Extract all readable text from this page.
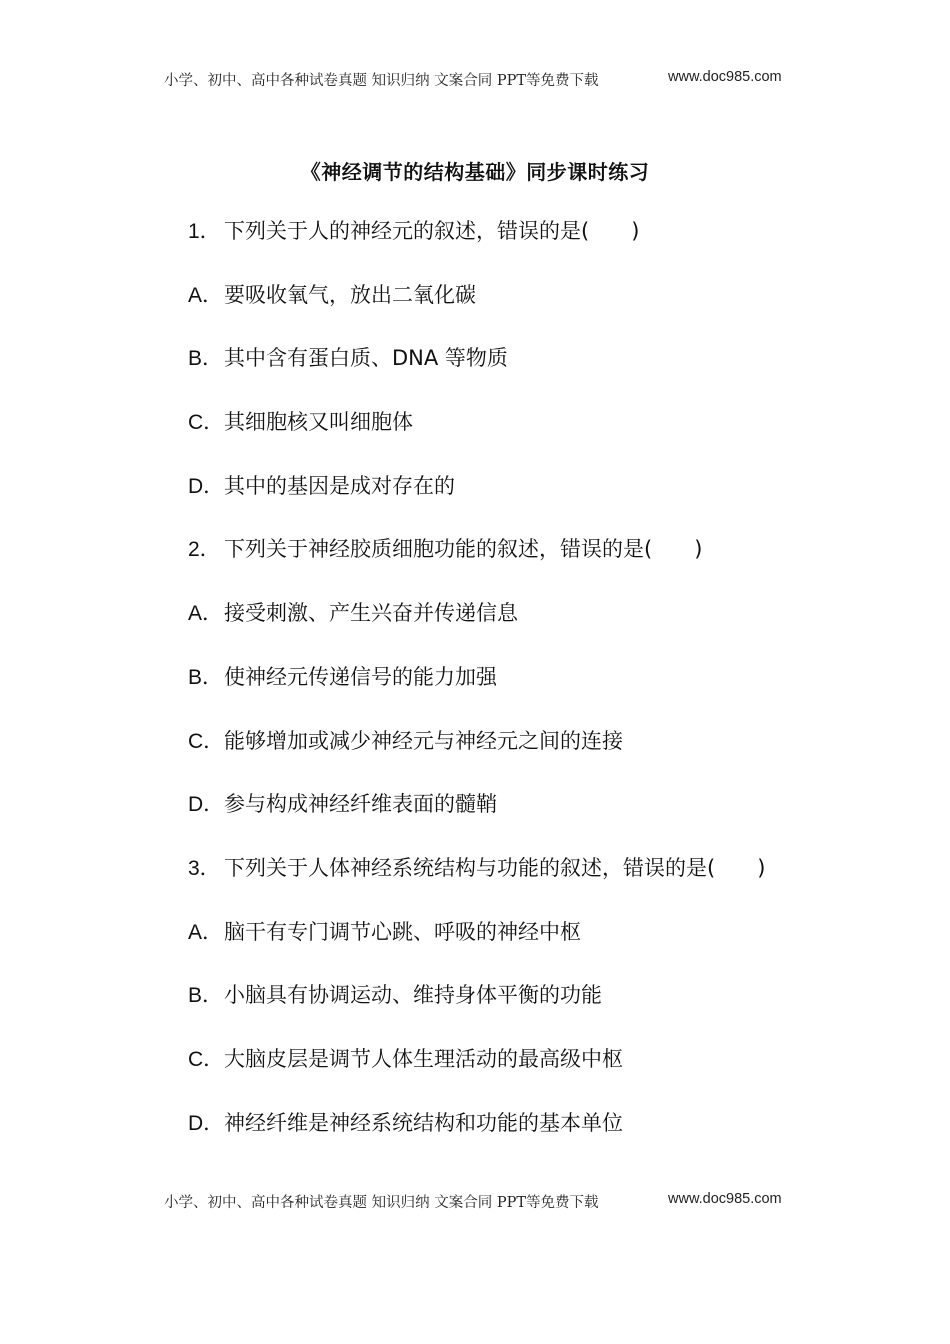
小学、初中、高中各种试卷真题 知识归纳 文案合同 PPT等免费下载	www.doc985.com
《神经调节的结构基础》同步课时练习
1． 下列关于人的神经元的叙述，错误的是(　　)
A．要吸收氧气，放出二氧化碳
B．其中含有蛋白质、DNA 等物质
C．其细胞核又叫细胞体
D．其中的基因是成对存在的
2． 下列关于神经胶质细胞功能的叙述，错误的是(　　)
A．接受刺激、产生兴奋并传递信息
B．使神经元传递信号的能力加强
C．能够增加或减少神经元与神经元之间的连接
D．参与构成神经纤维表面的髓鞘
3． 下列关于人体神经系统结构与功能的叙述，错误的是(　　)
A．脑干有专门调节心跳、呼吸的神经中枢
B．小脑具有协调运动、维持身体平衡的功能
C．大脑皮层是调节人体生理活动的最高级中枢
D．神经纤维是神经系统结构和功能的基本单位
小学、初中、高中各种试卷真题 知识归纳 文案合同 PPT等免费下载	www.doc985.com
